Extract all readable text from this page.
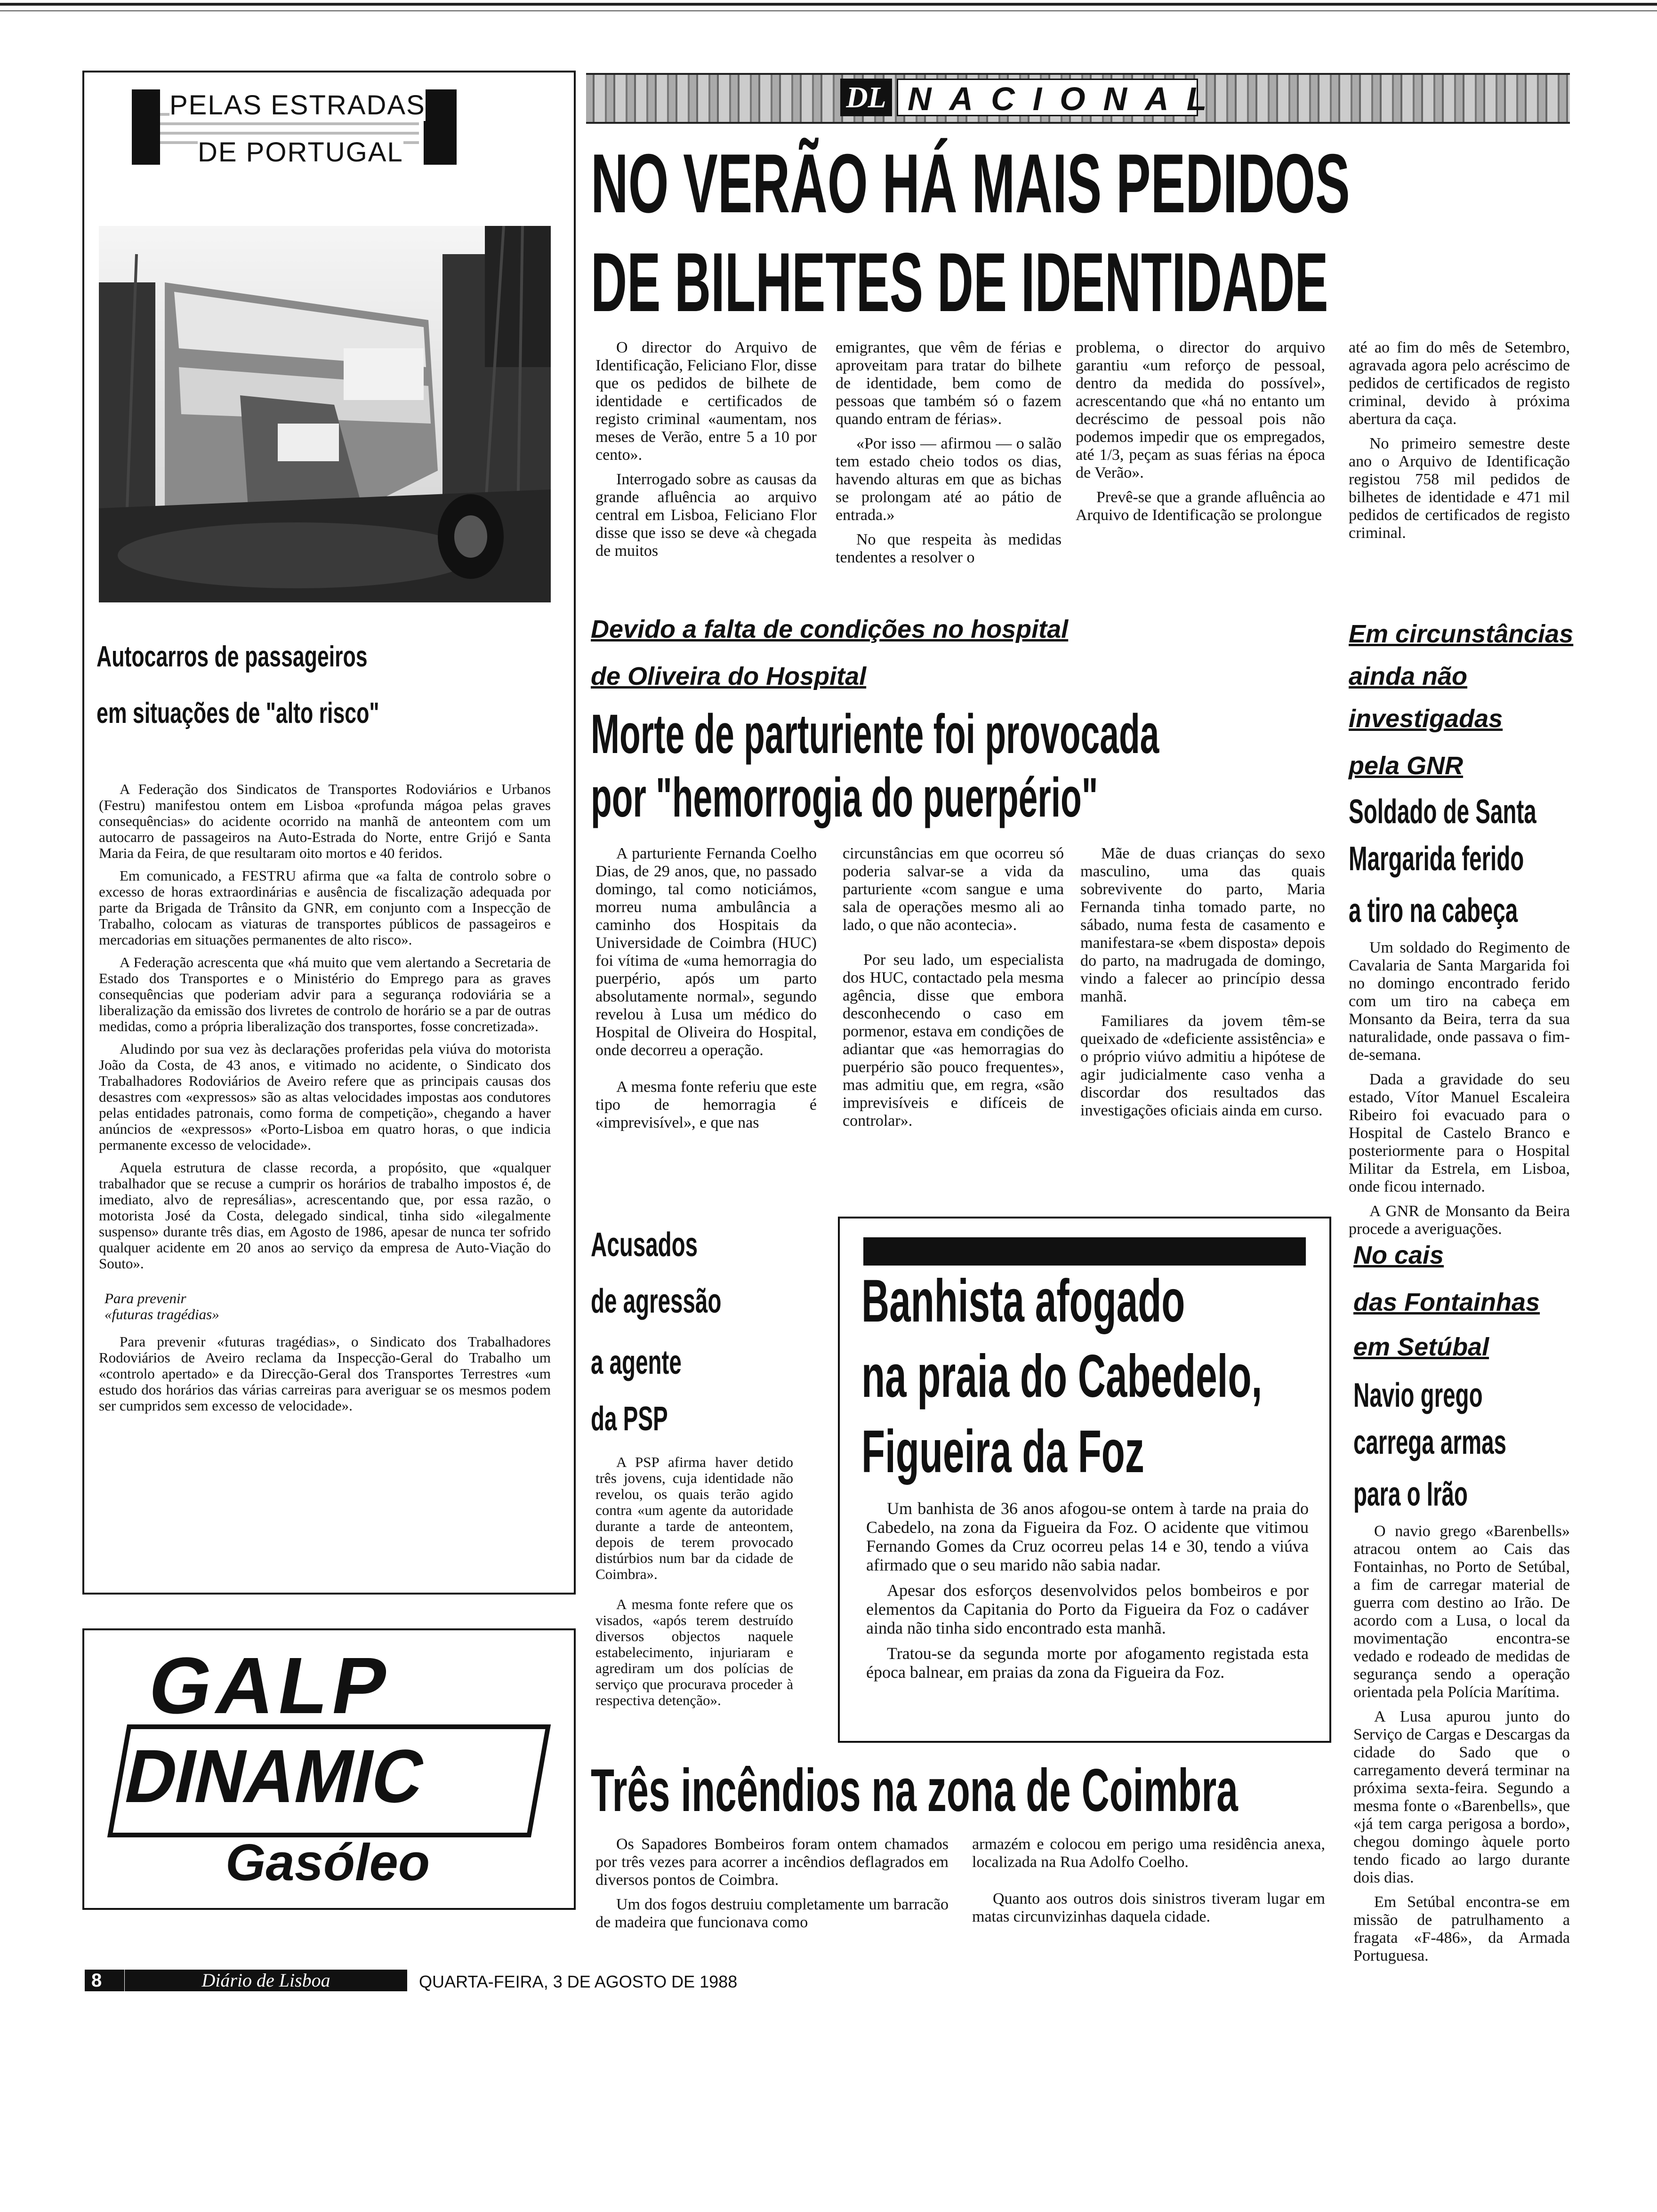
PELAS ESTRADAS
DE PORTUGAL
Autocarros de passageiros
em situações de "alto risco"

A Federação dos Sindicatos de Transportes Rodoviários e Urbanos (Festru) manifestou ontem em Lisboa «profunda mágoa pelas graves consequências» do acidente ocorrido na manhã de anteontem com um autocarro de passageiros na Auto-Estrada do Norte, entre Grijó e Santa Maria da Feira, de que resultaram oito mortos e 40 feridos.

Em comunicado, a FESTRU afirma que «a falta de controlo sobre o excesso de horas extraordinárias e ausência de fiscalização adequada por parte da Brigada de Trânsito da GNR, em conjunto com a Inspecção de Trabalho, colocam as viaturas de transportes públicos de passageiros e mercadorias em situações permanentes de alto risco».

A Federação acrescenta que «há muito que vem alertando a Secretaria de Estado dos Transportes e o Ministério do Emprego para as graves consequências que poderiam advir para a segurança rodoviária se a liberalização da emissão dos livretes de controlo de horário se a par de outras medidas, como a própria liberalização dos transportes, fosse concretizada».

Aludindo por sua vez às declarações proferidas pela viúva do motorista João da Costa, de 43 anos, e vitimado no acidente, o Sindicato dos Trabalhadores Rodoviários de Aveiro refere que as principais causas dos desastres com «expressos» são as altas velocidades impostas aos condutores pelas entidades patronais, como forma de competição», chegando a haver anúncios de «expressos» «Porto-Lisboa em quatro horas, o que indicia permanente excesso de velocidade».

Aquela estrutura de classe recorda, a propósito, que «qualquer trabalhador que se recuse a cumprir os horários de trabalho impostos é, de imediato, alvo de represálias», acrescentando que, por essa razão, o motorista José da Costa, delegado sindical, tinha sido «ilegalmente suspenso» durante três dias, em Agosto de 1986, apesar de nunca ter sofrido qualquer acidente em 20 anos ao serviço da empresa de Auto-Viação do Souto».

Para prevenir
«futuras tragédias»

Para prevenir «futuras tragédias», o Sindicato dos Trabalhadores Rodoviários de Aveiro reclama da Inspecção-Geral do Trabalho um «controlo apertado» e da Direcção-Geral dos Transportes Terrestres «um estudo dos horários das várias carreiras para averiguar se os mesmos podem ser cumpridos sem excesso de velocidade».

GALP
DINAMIC
Gasóleo
8	Diário de Lisboa	QUARTA-FEIRA, 3 DE AGOSTO DE 1988
DL NACIONAL
NO VERÃO HÁ MAIS PEDIDOS
DE BILHETES DE IDENTIDADE

O director do Arquivo de Identificação, Feliciano Flor, disse que os pedidos de bilhete de identidade e certificados de registo criminal «aumentam, nos meses de Verão, entre 5 a 10 por cento».

Interrogado sobre as causas da grande afluência ao arquivo central em Lisboa, Feliciano Flor disse que isso se deve «à chegada de muitos

emigrantes, que vêm de férias e aproveitam para tratar do bilhete de identidade, bem como de pessoas que também só o fazem quando entram de férias».

«Por isso — afirmou — o salão tem estado cheio todos os dias, havendo alturas em que as bichas se prolongam até ao pátio de entrada.»

No que respeita às medidas tendentes a resolver o

problema, o director do arquivo garantiu «um reforço de pessoal, dentro da medida do possível», acrescentando que «há no entanto um decréscimo de pessoal pois não podemos impedir que os empregados, até 1/3, peçam as suas férias na época de Verão».

Prevê-se que a grande afluência ao Arquivo de Identificação se prolongue

até ao fim do mês de Setembro, agravada agora pelo acréscimo de pedidos de certificados de registo criminal, devido à próxima abertura da caça.

No primeiro semestre deste ano o Arquivo de Identificação registou 758 mil pedidos de bilhetes de identidade e 471 mil pedidos de certificados de registo criminal.

Devido a falta de condições no hospital
de Oliveira do Hospital
Morte de parturiente foi provocada
por "hemorrogia do puerpério"

A parturiente Fernanda Coelho Dias, de 29 anos, que, no passado domingo, tal como noticiámos, morreu numa ambulância a caminho dos Hospitais da Universidade de Coimbra (HUC) foi vítima de «uma hemorragia do puerpério, após um parto absolutamente normal», segundo revelou à Lusa um médico do Hospital de Oliveira do Hospital, onde decorreu a operação.

A mesma fonte referiu que este tipo de hemorragia é «imprevisível», e que nas

circunstâncias em que ocorreu só poderia salvar-se a vida da parturiente «com sangue e uma sala de operações mesmo ali ao lado, o que não acontecia».

Por seu lado, um especialista dos HUC, contactado pela mesma agência, disse que embora desconhecendo o caso em pormenor, estava em condições de adiantar que «as hemorragias do puerpério são pouco frequentes», mas admitiu que, em regra, «são imprevisíveis e difíceis de controlar».

Mãe de duas crianças do sexo masculino, uma das quais sobrevivente do parto, Maria Fernanda tinha tomado parte, no sábado, numa festa de casamento e manifestara-se «bem disposta» depois do parto, na madrugada de domingo, vindo a falecer ao princípio dessa manhã.

Familiares da jovem têm-se queixado de «deficiente assistência» e o próprio viúvo admitiu a hipótese de agir judicialmente caso venha a discordar dos resultados das investigações oficiais ainda em curso.

Em circunstâncias
ainda não
investigadas
pela GNR
Soldado de Santa
Margarida ferido
a tiro na cabeça

Um soldado do Regimento de Cavalaria de Santa Margarida foi no domingo encontrado ferido com um tiro na cabeça em Monsanto da Beira, terra da sua naturalidade, onde passava o fim-de-semana.

Dada a gravidade do seu estado, Vítor Manuel Escaleira Ribeiro foi evacuado para o Hospital de Castelo Branco e posteriormente para o Hospital Militar da Estrela, em Lisboa, onde ficou internado.

A GNR de Monsanto da Beira procede a averiguações.

No cais
das Fontainhas
em Setúbal
Navio grego
carrega armas
para o Irão

O navio grego «Barenbells» atracou ontem ao Cais das Fontainhas, no Porto de Setúbal, a fim de carregar material de guerra com destino ao Irão. De acordo com a Lusa, o local da movimentação encontra-se vedado e rodeado de medidas de segurança sendo a operação orientada pela Polícia Marítima.

A Lusa apurou junto do Serviço de Cargas e Descargas da cidade do Sado que o carregamento deverá terminar na próxima sexta-feira. Segundo a mesma fonte o «Barenbells», que «já tem carga perigosa a bordo», chegou domingo àquele porto tendo ficado ao largo durante dois dias.

Em Setúbal encontra-se em missão de patrulhamento a fragata «F-486», da Armada Portuguesa.

Acusados
de agressão
a agente
da PSP

A PSP afirma haver detido três jovens, cuja identidade não revelou, os quais terão agido contra «um agente da autoridade durante a tarde de anteontem, depois de terem provocado distúrbios num bar da cidade de Coimbra».

A mesma fonte refere que os visados, «após terem destruído diversos objectos naquele estabelecimento, injuriaram e agrediram um dos polícias de serviço que procurava proceder à respectiva detenção».

Banhista afogado
na praia do Cabedelo,
Figueira da Foz

Um banhista de 36 anos afogou-se ontem à tarde na praia do Cabedelo, na zona da Figueira da Foz. O acidente que vitimou Fernando Gomes da Cruz ocorreu pelas 14 e 30, tendo a viúva afirmado que o seu marido não sabia nadar.

Apesar dos esforços desenvolvidos pelos bombeiros e por elementos da Capitania do Porto da Figueira da Foz o cadáver ainda não tinha sido encontrado esta manhã.

Tratou-se da segunda morte por afogamento registada esta época balnear, em praias da zona da Figueira da Foz.

Três incêndios na zona de Coimbra

Os Sapadores Bombeiros foram ontem chamados por três vezes para acorrer a incêndios deflagrados em diversos pontos de Coimbra.

Um dos fogos destruiu completamente um barracão de madeira que funcionava como

armazém e colocou em perigo uma residência anexa, localizada na Rua Adolfo Coelho.

Quanto aos outros dois sinistros tiveram lugar em matas circunvizinhas daquela cidade.
